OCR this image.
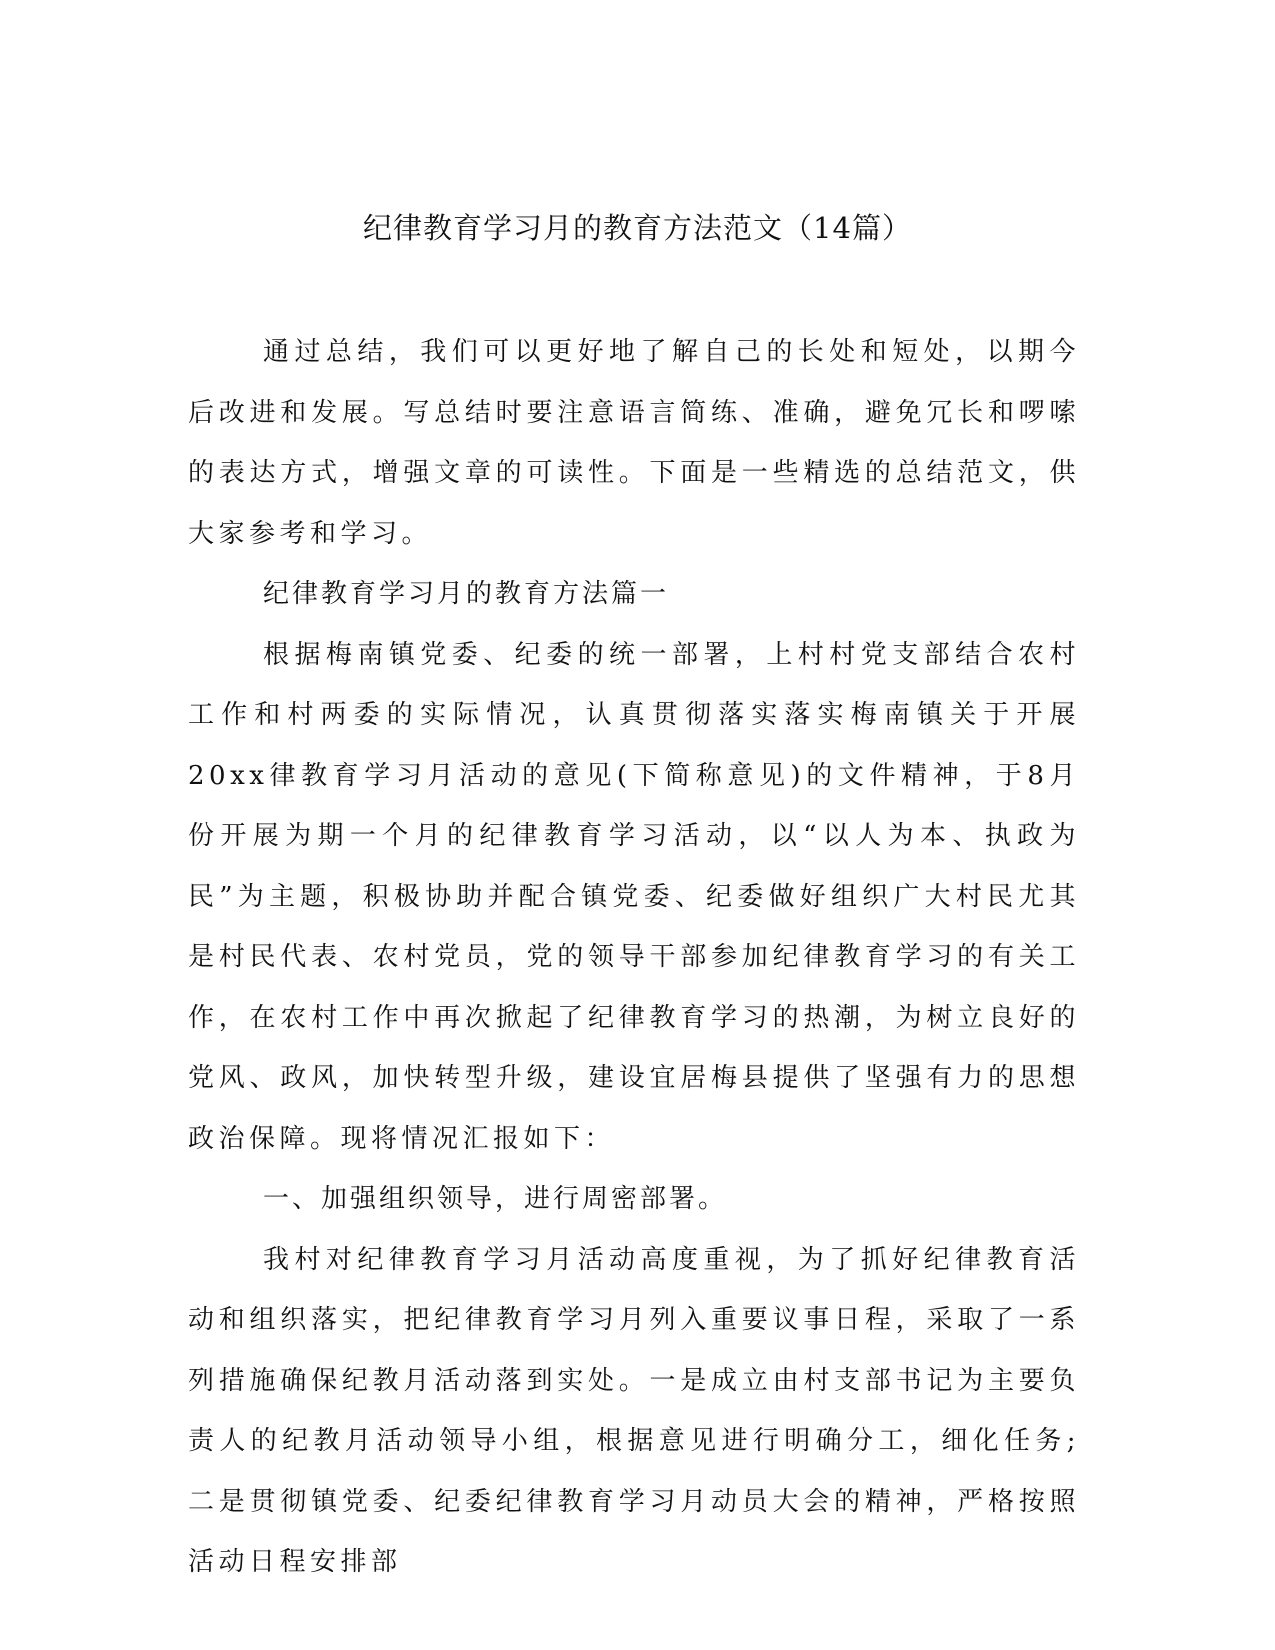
纪律教育学习月的教育方法范文（14篇）

通过总结，我们可以更好地了解自己的长处和短处，以期今后改进和发展。写总结时要注意语言简练、准确，避免冗长和啰嗦的表达方式，增强文章的可读性。下面是一些精选的总结范文，供大家参考和学习。

纪律教育学习月的教育方法篇一

根据梅南镇党委、纪委的统一部署，上村村党支部结合农村工作和村两委的实际情况，认真贯彻落实落实梅南镇关于开展20xx律教育学习月活动的意见(下简称意见)的文件精神，于8月份开展为期一个月的纪律教育学习活动，以“以人为本、执政为民”为主题，积极协助并配合镇党委、纪委做好组织广大村民尤其是村民代表、农村党员，党的领导干部参加纪律教育学习的有关工作，在农村工作中再次掀起了纪律教育学习的热潮，为树立良好的党风、政风，加快转型升级，建设宜居梅县提供了坚强有力的思想政治保障。现将情况汇报如下：

一、加强组织领导，进行周密部署。

我村对纪律教育学习月活动高度重视，为了抓好纪律教育活动和组织落实，把纪律教育学习月列入重要议事日程，采取了一系列措施确保纪教月活动落到实处。一是成立由村支部书记为主要负责人的纪教月活动领导小组，根据意见进行明确分工，细化任务;二是贯彻镇党委、纪委纪律教育学习月动员大会的精神，严格按照活动日程安排部
